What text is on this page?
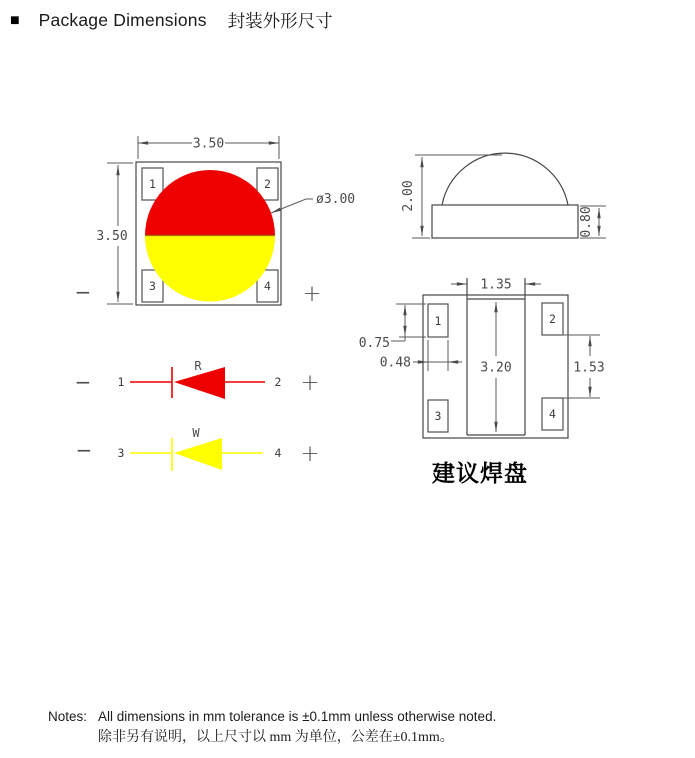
■ Package Dimensions 封装外形尺寸
1	2
3	4
3.50
3.50
ø3.00
−	+
2.00
0.80
1	2
3	4
1.35
3.20
0.75
0.48	1.53
建议焊盘
− 1
R
2 +
− 3
W
4 +
Notes: All dimensions in mm tolerance is ±0.1mm unless otherwise noted.
除非另有说明，以上尺寸以 mm 为单位，公差在±0.1mm。
